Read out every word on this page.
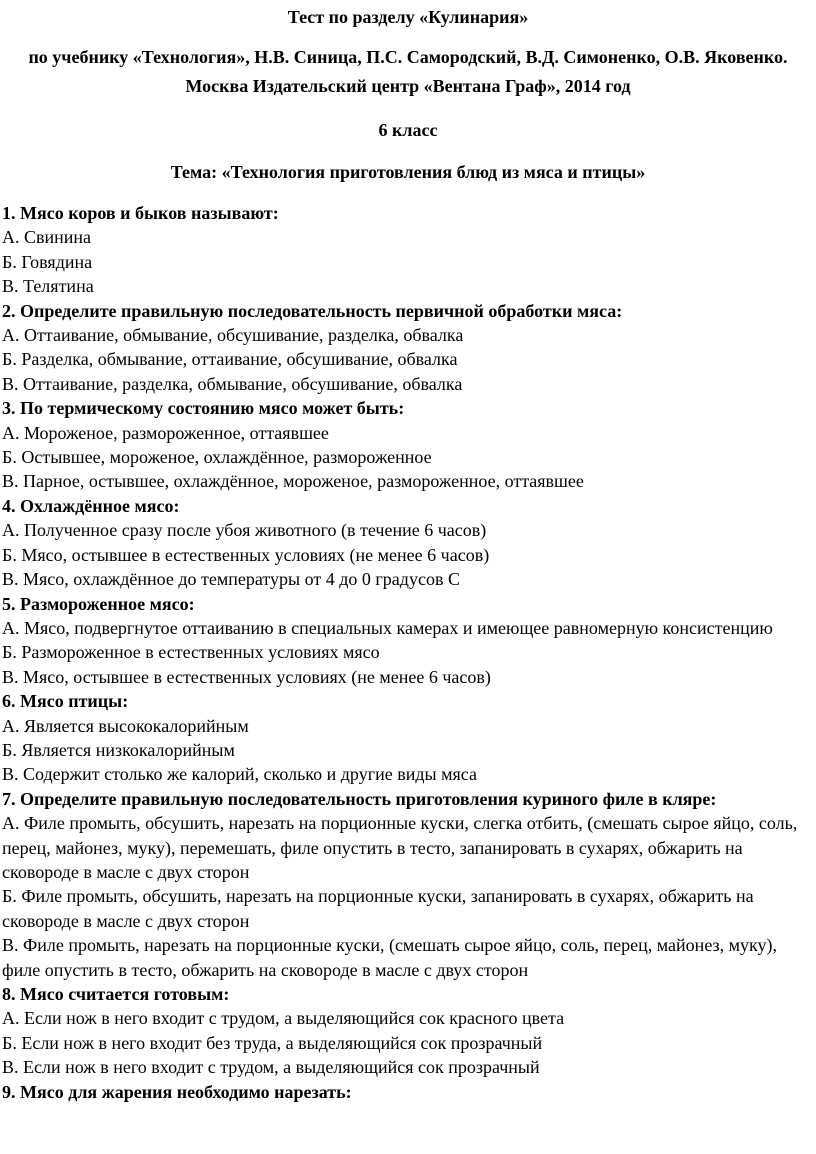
Тест по разделу «Кулинария»
по учебнику «Технология», Н.В. Синица, П.С. Самородский, В.Д. Симоненко, О.В. Яковенко. Москва Издательский центр «Вентана Граф», 2014 год
6 класс
Тема: «Технология приготовления блюд из мяса и птицы»

1. Мясо коров и быков называют:

А. Свинина

Б. Говядина

В. Телятина

2. Определите правильную последовательность первичной обработки мяса:

А. Оттаивание, обмывание, обсушивание, разделка, обвалка

Б. Разделка, обмывание, оттаивание, обсушивание, обвалка

В. Оттаивание, разделка, обмывание, обсушивание, обвалка

3. По термическому состоянию мясо может быть:

А. Мороженое, размороженное, оттаявшее

Б. Остывшее, мороженое, охлаждённое, размороженное

В. Парное, остывшее, охлаждённое, мороженое, размороженное, оттаявшее

4. Охлаждённое мясо:

А. Полученное сразу после убоя животного (в течение 6 часов)

Б. Мясо, остывшее в естественных условиях (не менее 6 часов)

В. Мясо, охлаждённое до температуры от 4 до 0 градусов С

5. Размороженное мясо:

А. Мясо, подвергнутое оттаиванию в специальных камерах и имеющее равномерную консистенцию

Б. Размороженное в естественных условиях мясо

В. Мясо, остывшее в естественных условиях (не менее 6 часов)

6. Мясо птицы:

А. Является высококалорийным

Б. Является низкокалорийным

В. Содержит столько же калорий, сколько и другие виды мяса

7. Определите правильную последовательность приготовления куриного филе в кляре:

А. Филе промыть, обсушить, нарезать на порционные куски, слегка отбить, (смешать сырое яйцо, соль, перец, майонез, муку), перемешать, филе опустить в тесто, запанировать в сухарях, обжарить на сковороде в масле с двух сторон

Б. Филе промыть, обсушить, нарезать на порционные куски, запанировать в сухарях, обжарить на сковороде в масле с двух сторон

В. Филе промыть, нарезать на порционные куски, (смешать сырое яйцо, соль, перец, майонез, муку), филе опустить в тесто, обжарить на сковороде в масле с двух сторон

8. Мясо считается готовым:

А. Если нож в него входит с трудом, а выделяющийся сок красного цвета

Б. Если нож в него входит без труда, а выделяющийся сок прозрачный

В. Если нож в него входит с трудом, а выделяющийся сок прозрачный

9. Мясо для жарения необходимо нарезать:
